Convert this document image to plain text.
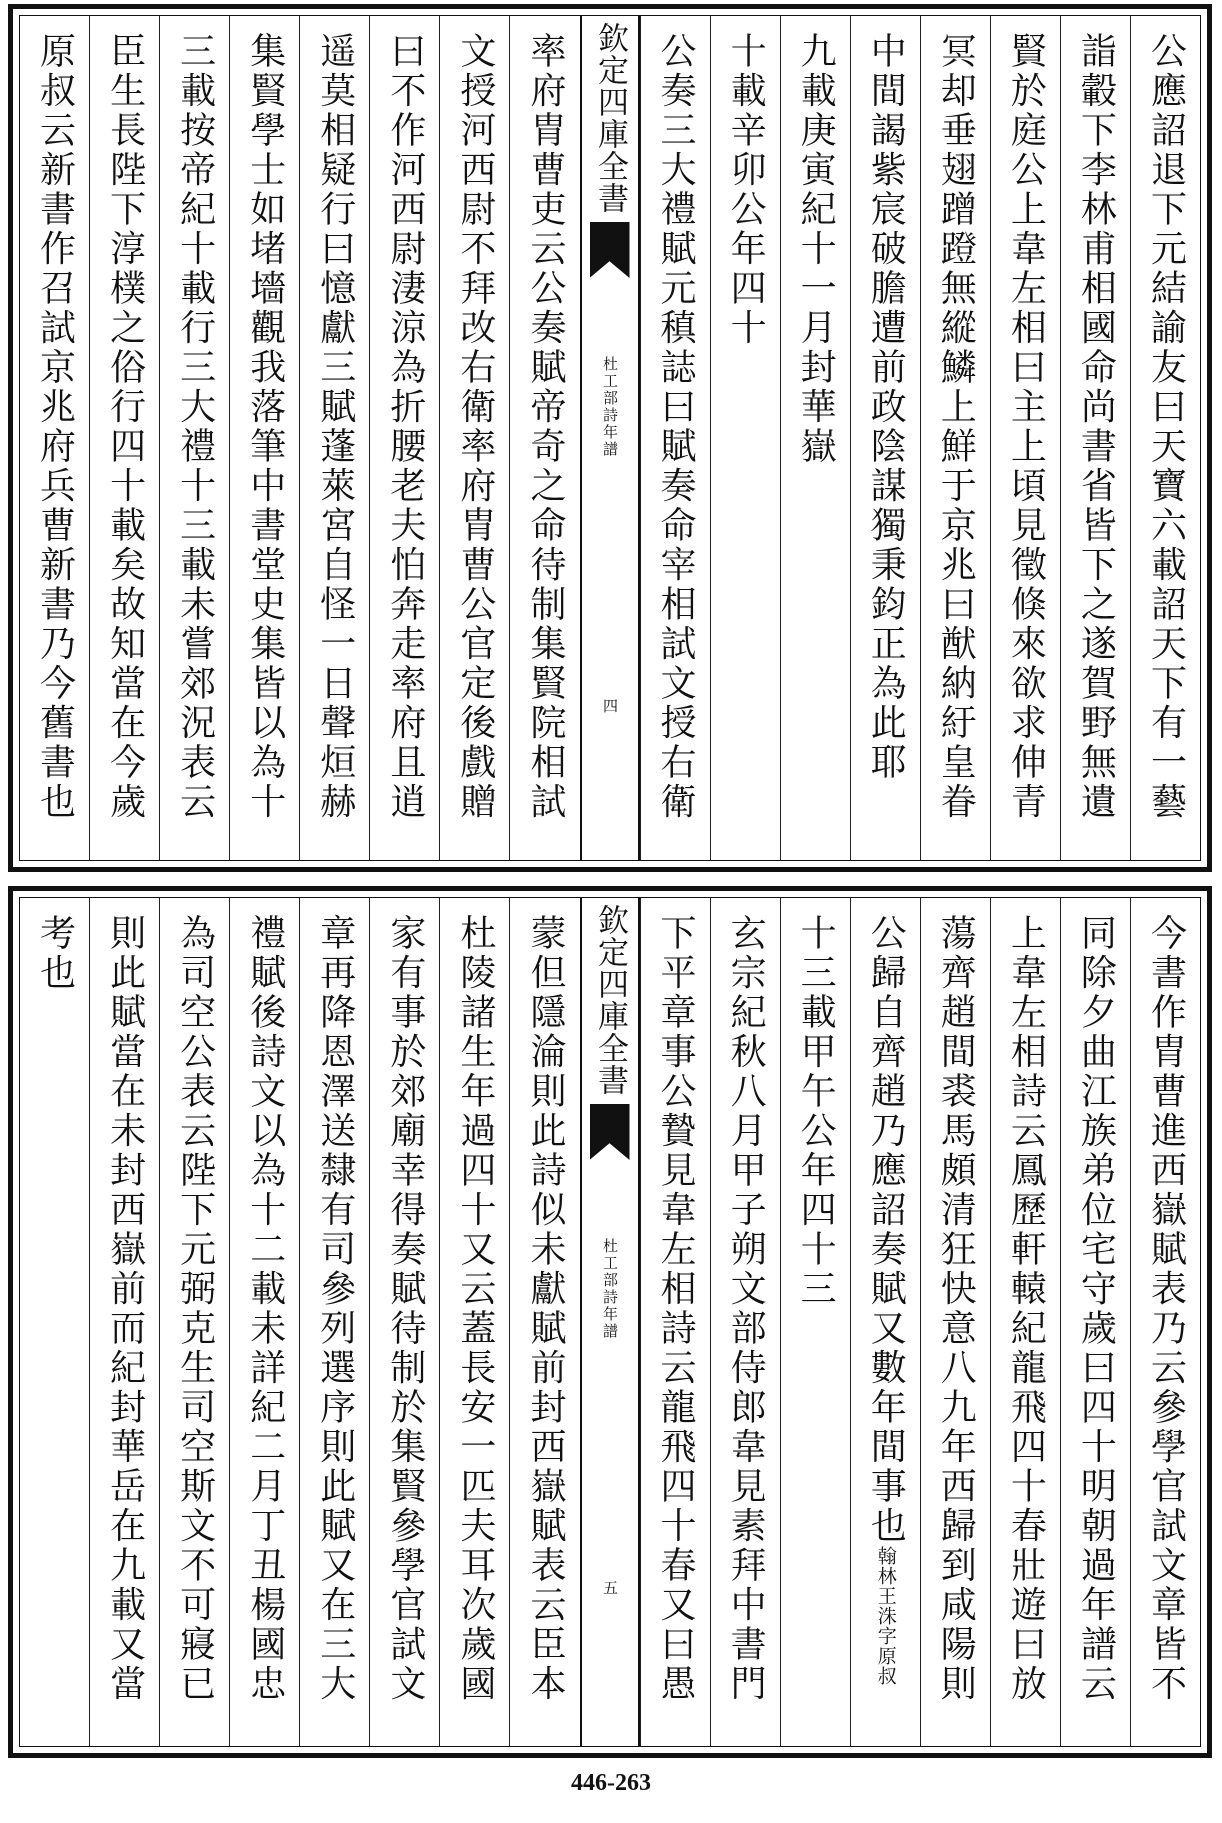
公應詔退下元結諭友曰天寶六載詔天下有一藝
詣轂下李林甫相國命尚書省皆下之遂賀野無遺
賢於庭公上韋左相曰主上頃見徵倏來欲求伸青
冥却垂翅蹭蹬無縱鱗上鮮于京兆曰猷納紆皇眷
中間謁紫宸破膽遭前政陰謀獨秉鈞正為此耶
九載庚寅紀十一月封華嶽
十載辛卯公年四十
公奏三大禮賦元稹誌曰賦奏命宰相試文授右衛
欽定四庫全書
杜工部詩年譜
四
率府胄曹吏云公奏賦帝奇之命待制集賢院相試
文授河西尉不拜改右衛率府胄曹公官定後戲贈
曰不作河西尉淒涼為折腰老夫怕奔走率府且逍
遥莫相疑行曰憶獻三賦蓬萊宮自怪一日聲烜赫
集賢學士如堵墻觀我落筆中書堂史集皆以為十
三載按帝紀十載行三大禮十三載未嘗郊況表云
臣生長陛下淳樸之俗行四十載矣故知當在今歲
原叔云新書作召試京兆府兵曹新書乃今舊書也
今書作胄曹進西嶽賦表乃云參學官試文章皆不
同除夕曲江族弟位宅守歲曰四十明朝過年譜云
上韋左相詩云鳳歷軒轅紀龍飛四十春壯遊曰放
蕩齊趙間裘馬頗清狂快意八九年西歸到咸陽則
公歸自齊趙乃應詔奏賦又數年間事也
翰林王洙字原叔
十三載甲午公年四十三
玄宗紀秋八月甲子朔文部侍郎韋見素拜中書門
下平章事公贄見韋左相詩云龍飛四十春又曰愚
欽定四庫全書
杜工部詩年譜
五
蒙但隱淪則此詩似未獻賦前封西嶽賦表云臣本
杜陵諸生年過四十又云蓋長安一匹夫耳次歲國
家有事於郊廟幸得奏賦待制於集賢參學官試文
章再降恩澤送隸有司參列選序則此賦又在三大
禮賦後詩文以為十二載未詳紀二月丁丑楊國忠
為司空公表云陛下元弼克生司空斯文不可寢已
則此賦當在未封西嶽前而紀封華岳在九載又當
考也
446-263
